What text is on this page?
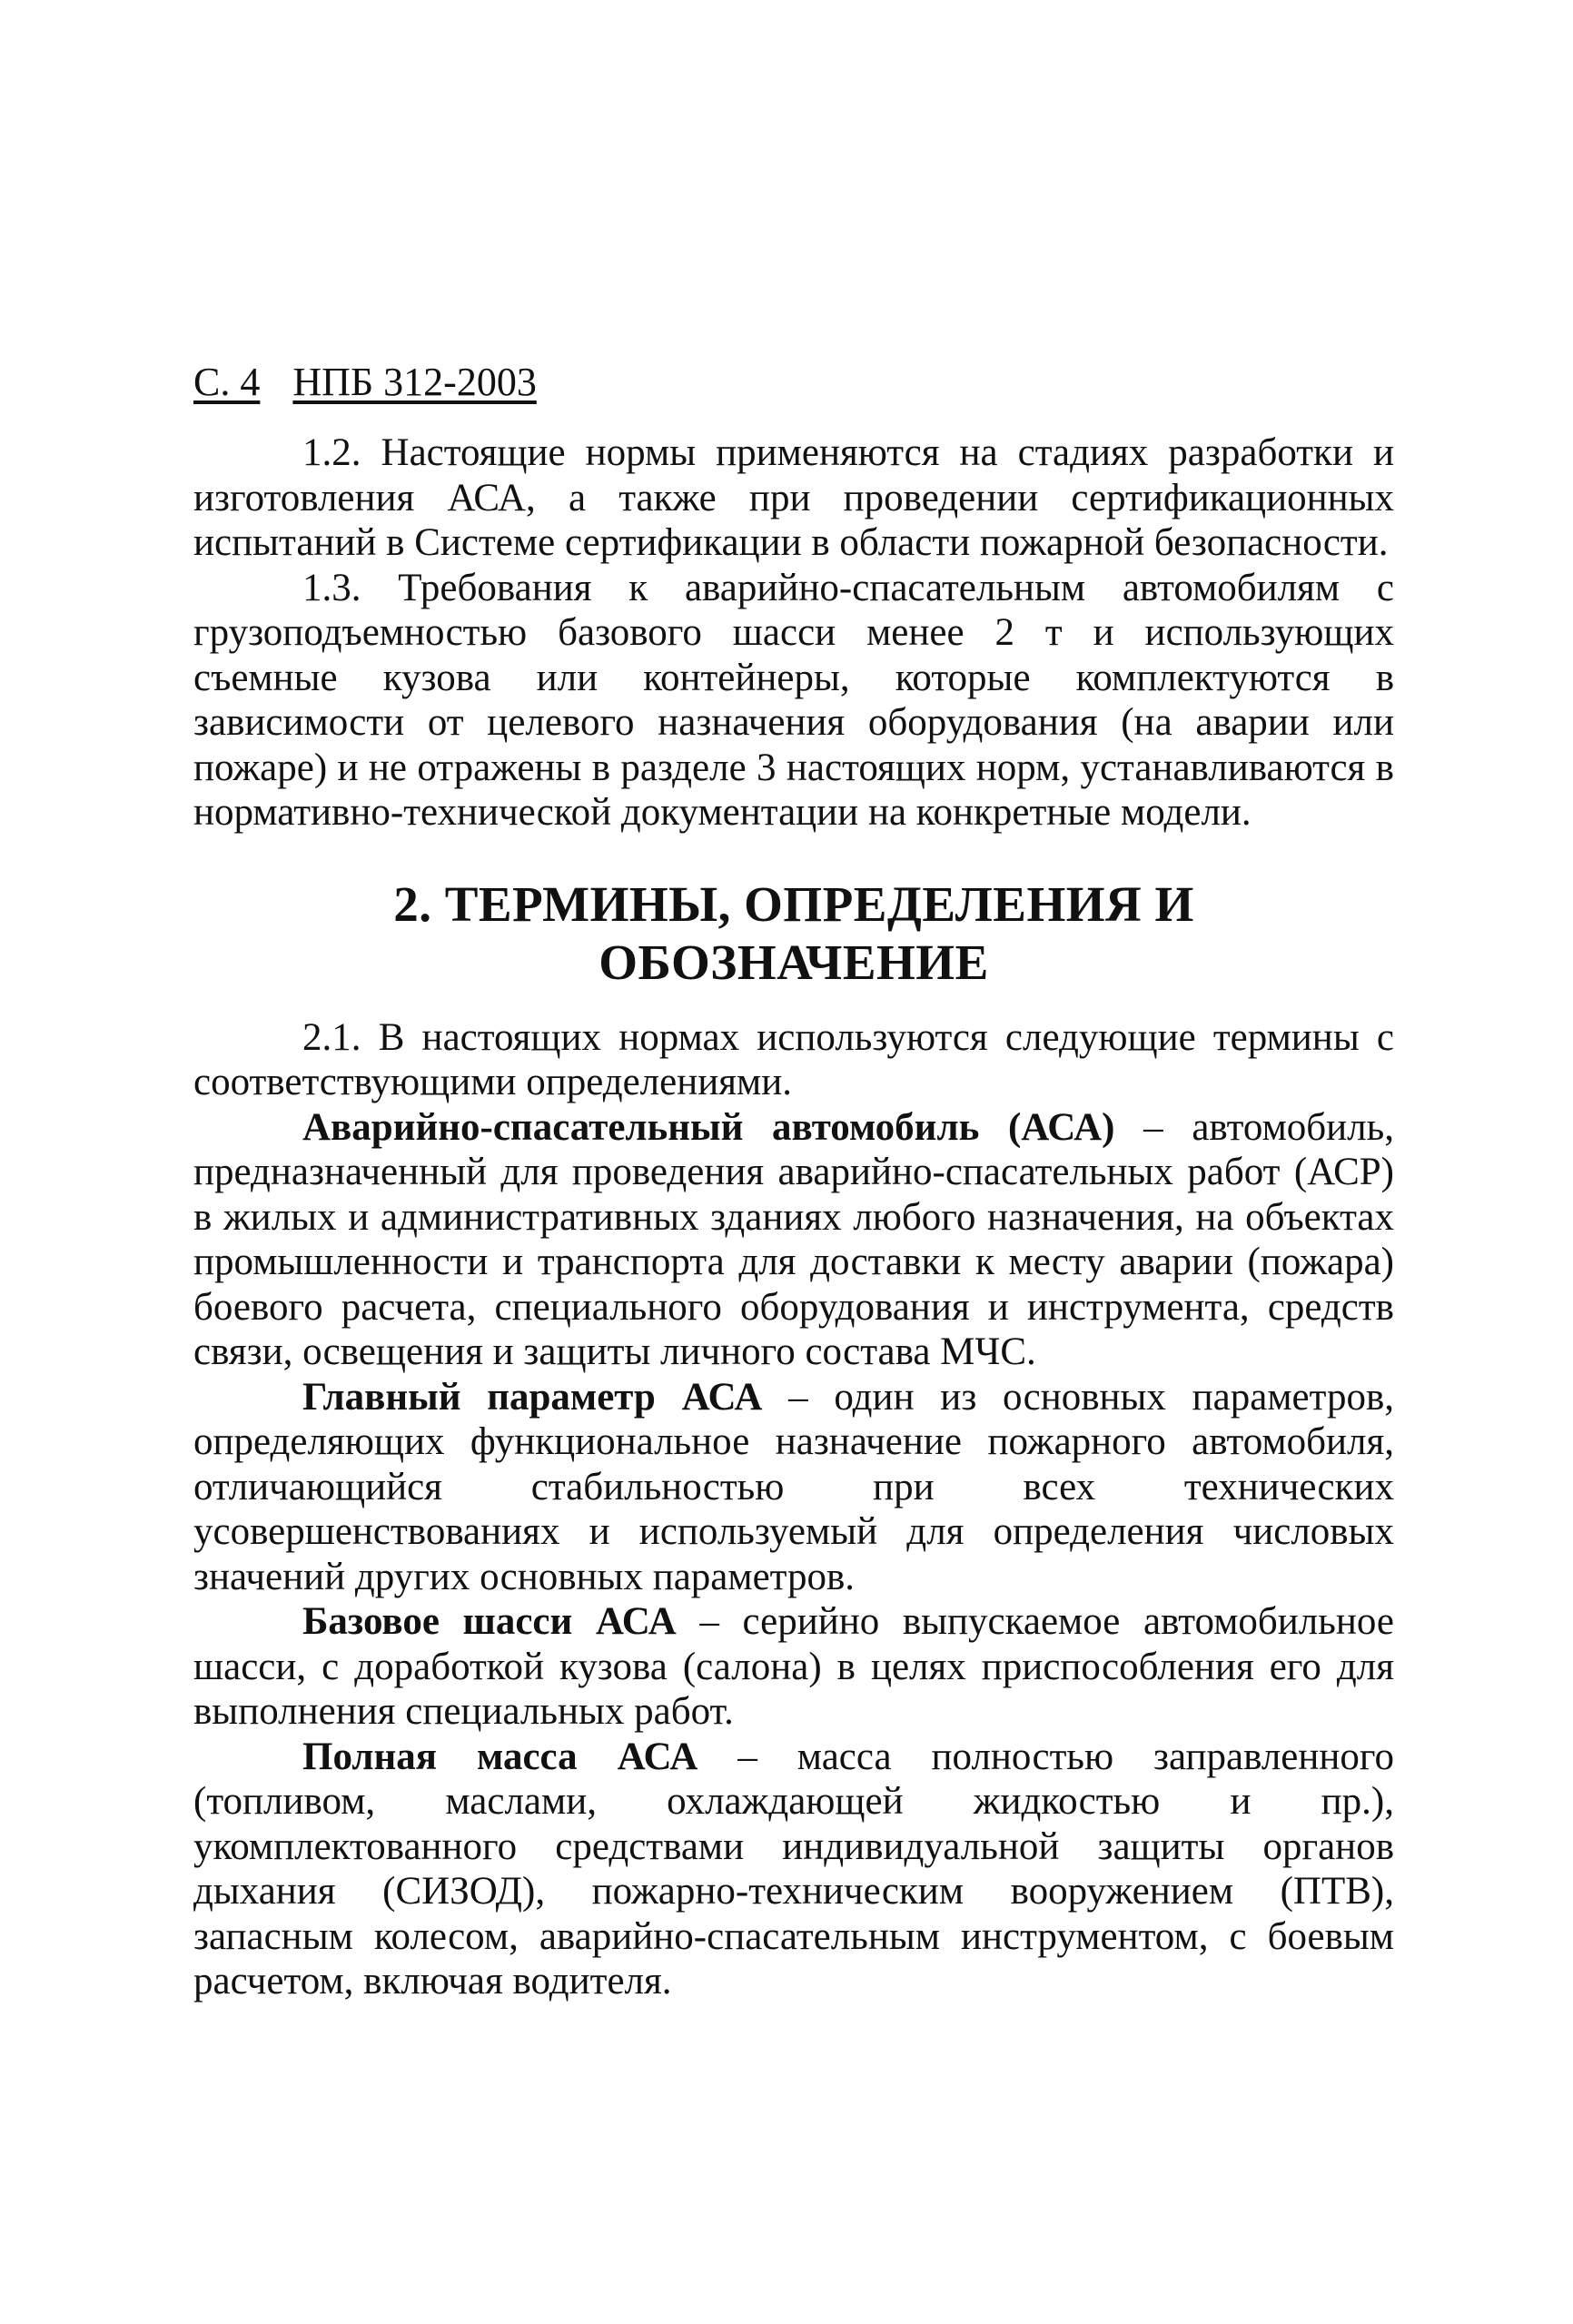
С. 4 НПБ 312-2003

1.2. Настоящие нормы применяются на стадиях разработки и изготовления АСА, а также при проведении сертификационных испытаний в Системе сертификации в области пожарной безопасности.

1.3. Требования к аварийно-спасательным автомобилям с грузоподъемностью базового шасси менее 2 т и использующих съемные кузова или контейнеры, которые комплектуются в зависимости от целевого назначения оборудования (на аварии или пожаре) и не отражены в разделе 3 настоящих норм, устанавливаются в нормативно-технической документации на конкретные модели.

2. ТЕРМИНЫ, ОПРЕДЕЛЕНИЯ И ОБОЗНАЧЕНИЕ

2.1. В настоящих нормах используются следующие термины с соответствующими определениями.

Аварийно-спасательный автомобиль (АСА) – автомобиль, предназначенный для проведения аварийно-спасательных работ (АСР) в жилых и административных зданиях любого назначения, на объектах промышленности и транспорта для доставки к месту аварии (пожара) боевого расчета, специального оборудования и инструмента, средств связи, освещения и защиты личного состава МЧС.

Главный параметр АСА – один из основных параметров, определяющих функциональное назначение пожарного автомобиля, отличающийся стабильностью при всех технических усовершенствованиях и используемый для определения числовых значений других основных параметров.

Базовое шасси АСА – серийно выпускаемое автомобильное шасси, с доработкой кузова (салона) в целях приспособления его для выполнения специальных работ.

Полная масса АСА – масса полностью заправленного (топливом, маслами, охлаждающей жидкостью и пр.), укомплектованного средствами индивидуальной защиты органов дыхания (СИЗОД), пожарно-техническим вооружением (ПТВ), запасным колесом, аварийно-спасательным инструментом, с боевым расчетом, включая водителя.
